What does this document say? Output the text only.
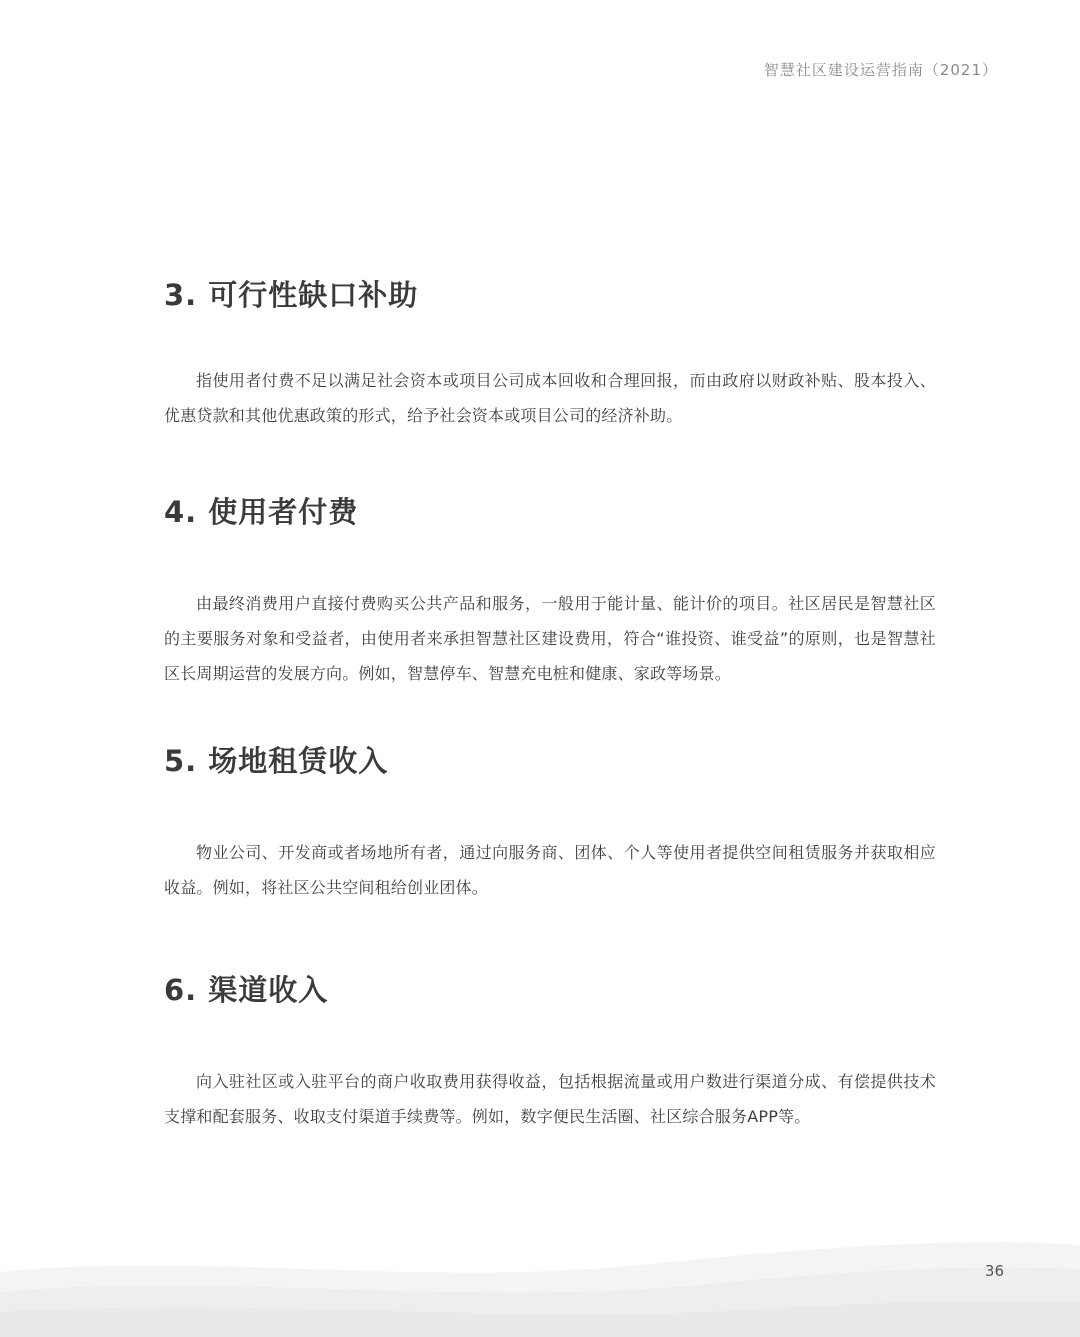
智慧社区建设运营指南（2021）
3. 可行性缺口补助

指使用者付费不足以满足社会资本或项目公司成本回收和合理回报，而由政府以财政补贴、股本投入、优惠贷款和其他优惠政策的形式，给予社会资本或项目公司的经济补助。

4. 使用者付费

由最终消费用户直接付费购买公共产品和服务，一般用于能计量、能计价的项目。社区居民是智慧社区的主要服务对象和受益者，由使用者来承担智慧社区建设费用，符合“谁投资、谁受益”的原则，也是智慧社区长周期运营的发展方向。例如，智慧停车、智慧充电桩和健康、家政等场景。

5. 场地租赁收入

物业公司、开发商或者场地所有者，通过向服务商、团体、个人等使用者提供空间租赁服务并获取相应收益。例如，将社区公共空间租给创业团体。

6. 渠道收入

向入驻社区或入驻平台的商户收取费用获得收益，包括根据流量或用户数进行渠道分成、有偿提供技术支撑和配套服务、收取支付渠道手续费等。例如，数字便民生活圈、社区综合服务APP等。

36
